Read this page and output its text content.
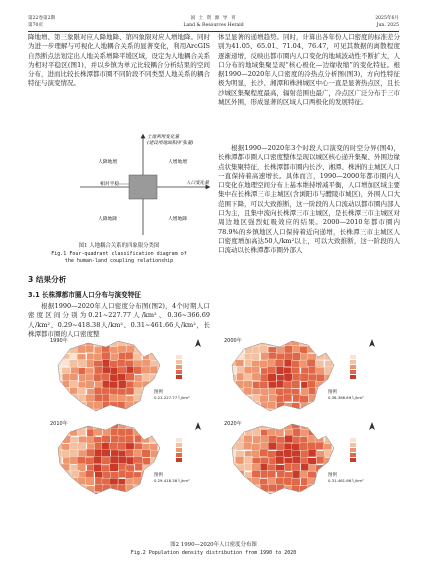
第22卷第2期
第70页
国 土 资 源 导 刊
Land & Resources Herald
2025年6月
Jun. 2025

降地增、第三象限对应人降地降、第四象限对应人增地降。同时为进一步理解与可视化人地耦合关系的显著变化，利用ArcGIS自然断点法划定出人地关系增降平缓区域，设定为人地耦合关系为相对平稳区(图1)，并以乡镇为单元比较耦合分析结果的空间分布，进而比较长株潭都市圈不同阶段不同类型人地关系的耦合特征与演变情况。

土地利用变化量
(建设用地面积/扩张量)
人口变化量
人降地增	人增地增
人降地降	人增地降
相对平稳
图1 人地耦合关系的四象限分类图
Fig.1 Four-quadrant classification diagram of
the human-land coupling relationship
3 结果分析
3.1 长株潭都市圈人口分布与演变特征

根据1990—2020年人口密度分布图(图2)，4个时期人口密度区间分别为0.21~227.77人/km²、0.36~366.69人/km²、0.29~418.38人/km²、0.31~461.66人/km²，长株潭都市圈的人口密度整

体呈显著的递增趋势。同时，计算出各年份人口密度的标准差分别为41.05、65.01、71.04、76.47，可见其数据的离散程度逐渐递增，反映出都市圈内人口变化的地域波动性不断扩大，人口分布的地域集聚呈现“核心极化—边缘收缩”的变化特征。根据1990—2020年人口密度的冷热点分析图(图3)，方向性特征极为明显，长沙、湘潭和株洲城区中心一直是显著热点区，且长沙城区集聚程度最高，辐射范围也最广，冷点区广泛分布于三市城区外围，形成显著的区域人口两极化的发展特征。

根据1990—2020年3个时段人口演变的时空分异(图4)，长株潭都市圈人口密度整体呈现以城区核心递升集聚、外围边缘点状集聚特征，长株潭都市圈内长沙、湘潭、株洲的主城区人口一直保持着高速增长。具体而言，1990—2000年都市圈内人口变化在地理空间分布上基本维持增减平衡，人口增加区域主要集中在长株潭三市主城区(含浏阳市与醴陵市城区)，外围人口大范围下降，可以大致推断，这一阶段的人口流动以都市圈内部人口为主，且集中流向长株潭三市主城区，是长株潭三市主城区对周边地区强烈虹吸效应的结果。2000—2010年都市圈内78.9%的乡镇地区人口保持着近向递增，长株潭三市主城区人口密度增加高达50人/km²以上，可以大致推断，这一阶段的人口流动以长株潭都市圈外部人

1990年
图例
0.21-227.77人/km²
2000年
图例
0.36-366.69人/km²
2010年
图例
0.29-418.38人/km²
2020年
图例
0.31-461.66人/km²
图2 1990—2020年人口密度分布图
Fig.2 Population density distribution from 1990 to 2020
